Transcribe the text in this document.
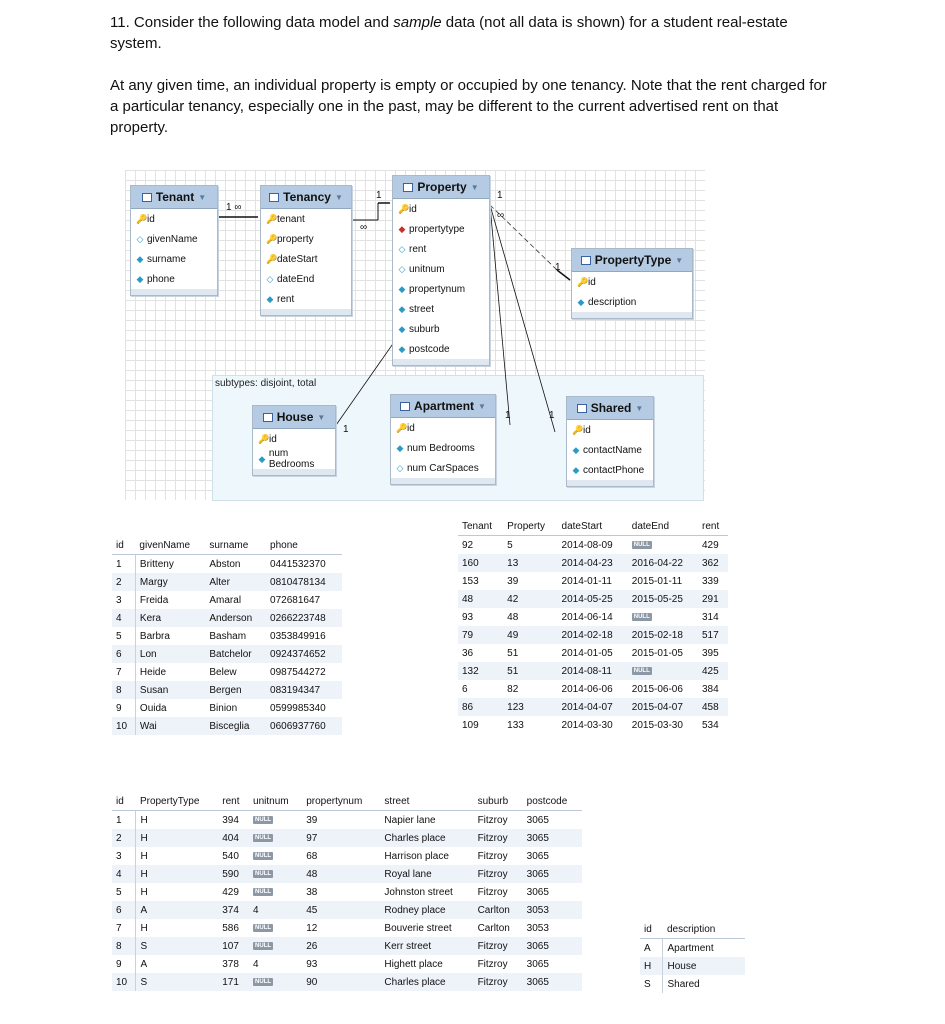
11. Consider the following data model and sample data (not all data is shown) for a student real-estate system.
At any given time, an individual property is empty or occupied by one tenancy. Note that the rent charged for a particular tenancy, especially one in the past, may be different to the current advertised rent on that property.
subtypes: disjoint, total
1 ∞
∞
1	1
∞
1
1
1	1
Tenant ▼
🔑 id
◇ givenName
◆ surname
◆ phone
Tenancy ▼
🔑 tenant
🔑 property
🔑 dateStart
◇ dateEnd
◆ rent
Property ▼
🔑 id
◆ propertytype
◇ rent
◇ unitnum
◆ propertynum
◆ street
◆ suburb
◆ postcode
PropertyType ▼
🔑 id
◆ description
House ▼
🔑 id
◆ num Bedrooms
Apartment ▼
🔑 id
◆ num Bedrooms
◇ num CarSpaces
Shared ▼
🔑 id
◆ contactName
◆ contactPhone
id	givenName	surname	phone
1	Britteny	Abston	0441532370
2	Margy	Alter	0810478134
3	Freida	Amaral	072681647
4	Kera	Anderson	0266223748
5	Barbra	Basham	0353849916
6	Lon	Batchelor	0924374652
7	Heide	Belew	0987544272
8	Susan	Bergen	083194347
9	Ouida	Binion	0599985340
10	Wai	Bisceglia	0606937760
Tenant	Property	dateStart	dateEnd	rent
92	5	2014-08-09	NULL	429
160	13	2014-04-23	2016-04-22	362
153	39	2014-01-11	2015-01-11	339
48	42	2014-05-25	2015-05-25	291
93	48	2014-06-14	NULL	314
79	49	2014-02-18	2015-02-18	517
36	51	2014-01-05	2015-01-05	395
132	51	2014-08-11	NULL	425
6	82	2014-06-06	2015-06-06	384
86	123	2014-04-07	2015-04-07	458
109	133	2014-03-30	2015-03-30	534
id	PropertyType	rent	unitnum	propertynum	street	suburb	postcode
1	H	394	NULL	39	Napier lane	Fitzroy	3065
2	H	404	NULL	97	Charles place	Fitzroy	3065
3	H	540	NULL	68	Harrison place	Fitzroy	3065
4	H	590	NULL	48	Royal lane	Fitzroy	3065
5	H	429	NULL	38	Johnston street	Fitzroy	3065
6	A	374	4	45	Rodney place	Carlton	3053
7	H	586	NULL	12	Bouverie street	Carlton	3053
8	S	107	NULL	26	Kerr street	Fitzroy	3065
9	A	378	4	93	Highett place	Fitzroy	3065
10	S	171	NULL	90	Charles place	Fitzroy	3065
id	description
A	Apartment
H	House
S	Shared
